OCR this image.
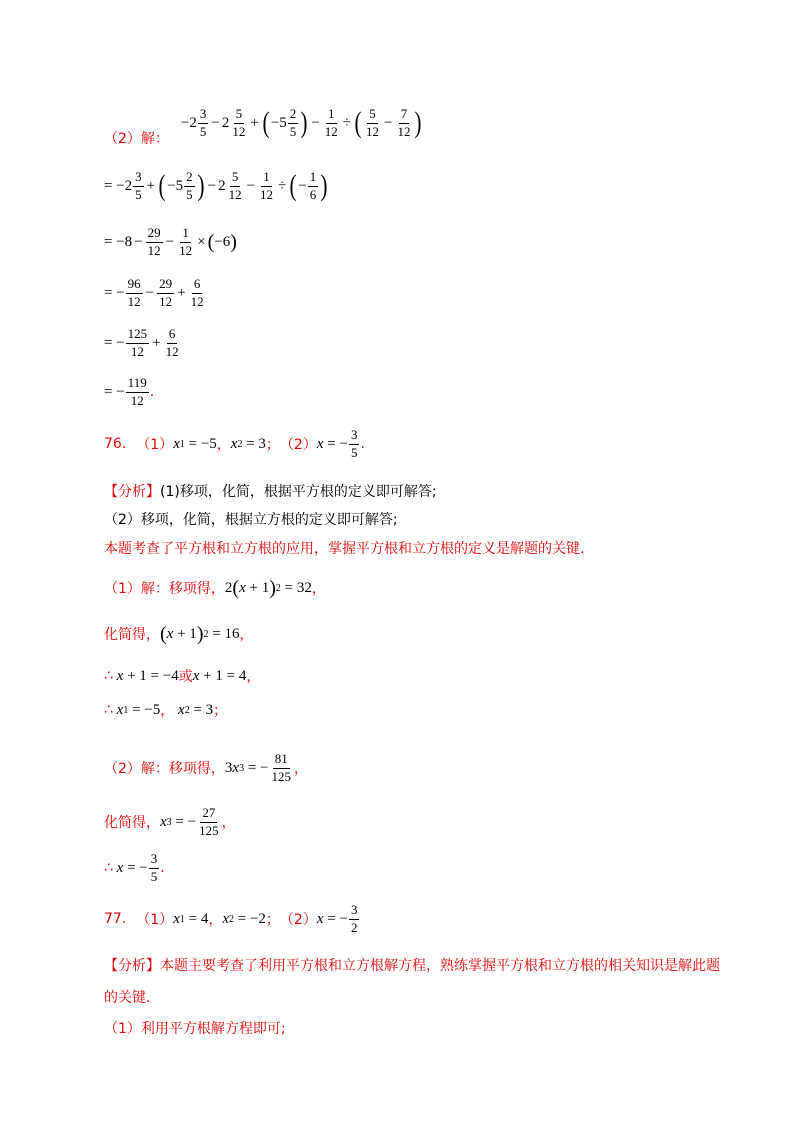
（2）解：
$-2 \frac{3}{5} - 2 \frac{5}{12}$ + ( $-5 \frac{2}{5}$ ) − $\frac{1}{12}$ ÷ ( $\frac{5}{12} - \frac{7}{12}$ )
= $-2 \frac{3}{5}$ + ( $-5 \frac{2}{5}$ ) − $2 \frac{5}{12} - \frac{1}{12}$ ÷ ( − $\frac{1}{6}$ )
= $-8 - \frac{29}{12} - \frac{1}{12}$ × ( −6 )
= − $\frac{96}{12} - \frac{29}{12} + \frac{6}{12}$
= − $\frac{125}{12} + \frac{6}{12}$
= − $\frac{119}{12}$ .
76. （1） x 1 = −5 ， x 2 = 3 ； （2） x = − $\frac{3}{5}$ .
【分析】 (1)移项，化简，根据平方根的定义即可解答;
（2）移项，化简，根据立方根的定义即可解答;
本题考查了平方根和立方根的应用，掌握平方根和立方根的定义是解题的关键.
（1）解：移项得， 2 ( x + 1 ) 2 = 32 ，
化简得， ( x + 1 ) 2 = 16 ，
∴
x + 1 = −4 或 x + 1 = 4 ，
∴
x 1 = −5 ，
x 2 = 3 ；
（2）解：移项得， 3 x 3 = − $\frac{81}{125}$ ，
化简得， x 3 = − $\frac{27}{125}$ ，
∴
x = − $\frac{3}{5}$ .
77. （1） x 1 = 4 ， x 2 = −2 ； （2） x = − $\frac{3}{2}$
【分析】 本题主要考查了利用平方根和立方根解方程，熟练掌握平方根和立方根的相关知识是解此题
的关键.
（1）利用平方根解方程即可;
